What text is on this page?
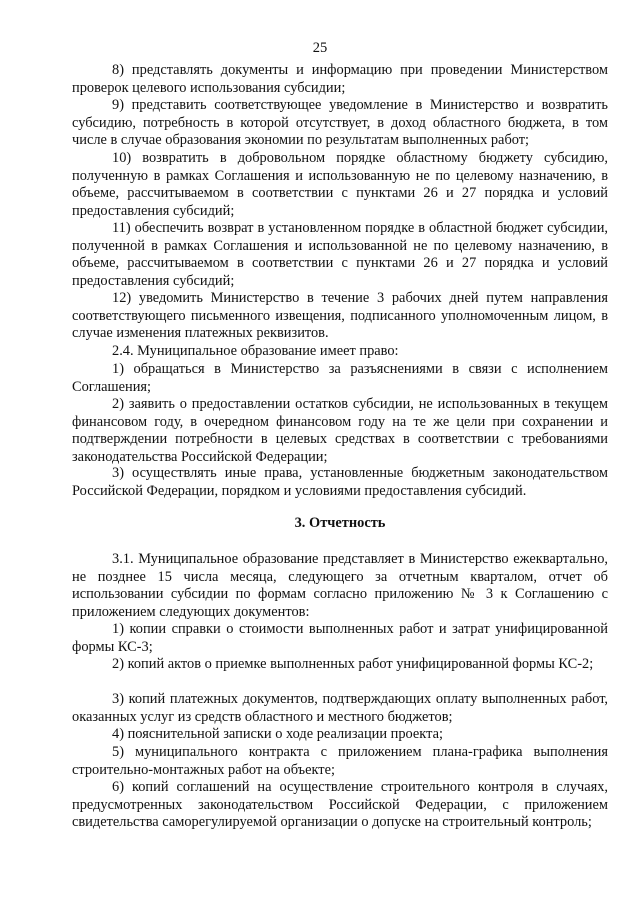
25
8) представлять документы и информацию при проведении Министерством проверок целевого использования субсидии;
9) представить соответствующее уведомление в Министерство и возвратить субсидию, потребность в которой отсутствует, в доход областного бюджета, в том числе в случае образования экономии по результатам выполненных работ;
10) возвратить в добровольном порядке областному бюджету субсидию, полученную в рамках Соглашения и использованную не по целевому назначению, в объеме, рассчитываемом в соответствии с пунктами 26 и 27 порядка и условий предоставления субсидий;
11) обеспечить возврат в установленном порядке в областной бюджет субсидии, полученной в рамках Соглашения и использованной не по целевому назначению, в объеме, рассчитываемом в соответствии с пунктами 26 и 27 порядка и условий предоставления субсидий;
12) уведомить Министерство в течение 3 рабочих дней путем направления соответствующего письменного извещения, подписанного уполномоченным лицом, в случае изменения платежных реквизитов.
2.4. Муниципальное образование имеет право:
1) обращаться в Министерство за разъяснениями в связи с исполнением Соглашения;
2) заявить о предоставлении остатков субсидии, не использованных в текущем финансовом году, в очередном финансовом году на те же цели при сохранении и подтверждении потребности в целевых средствах в соответствии с требованиями законодательства Российской Федерации;
3) осуществлять иные права, установленные бюджетным законодательством Российской Федерации, порядком и условиями предоставления субсидий.
3. Отчетность
3.1. Муниципальное образование представляет в Министерство ежеквартально, не позднее 15 числа месяца, следующего за отчетным кварталом, отчет об использовании субсидии по формам согласно приложению № 3 к Соглашению с приложением следующих документов:
1) копии справки о стоимости выполненных работ и затрат унифицированной формы КС-3;
2) копий актов о приемке выполненных работ унифицированной формы КС-2;
3) копий платежных документов, подтверждающих оплату выполненных работ, оказанных услуг из средств областного и местного бюджетов;
4) пояснительной записки о ходе реализации проекта;
5) муниципального контракта с приложением плана-графика выполнения строительно-монтажных работ на объекте;
6) копий соглашений на осуществление строительного контроля в случаях, предусмотренных законодательством Российской Федерации, с приложением свидетельства саморегулируемой организации о допуске на строительный контроль;
